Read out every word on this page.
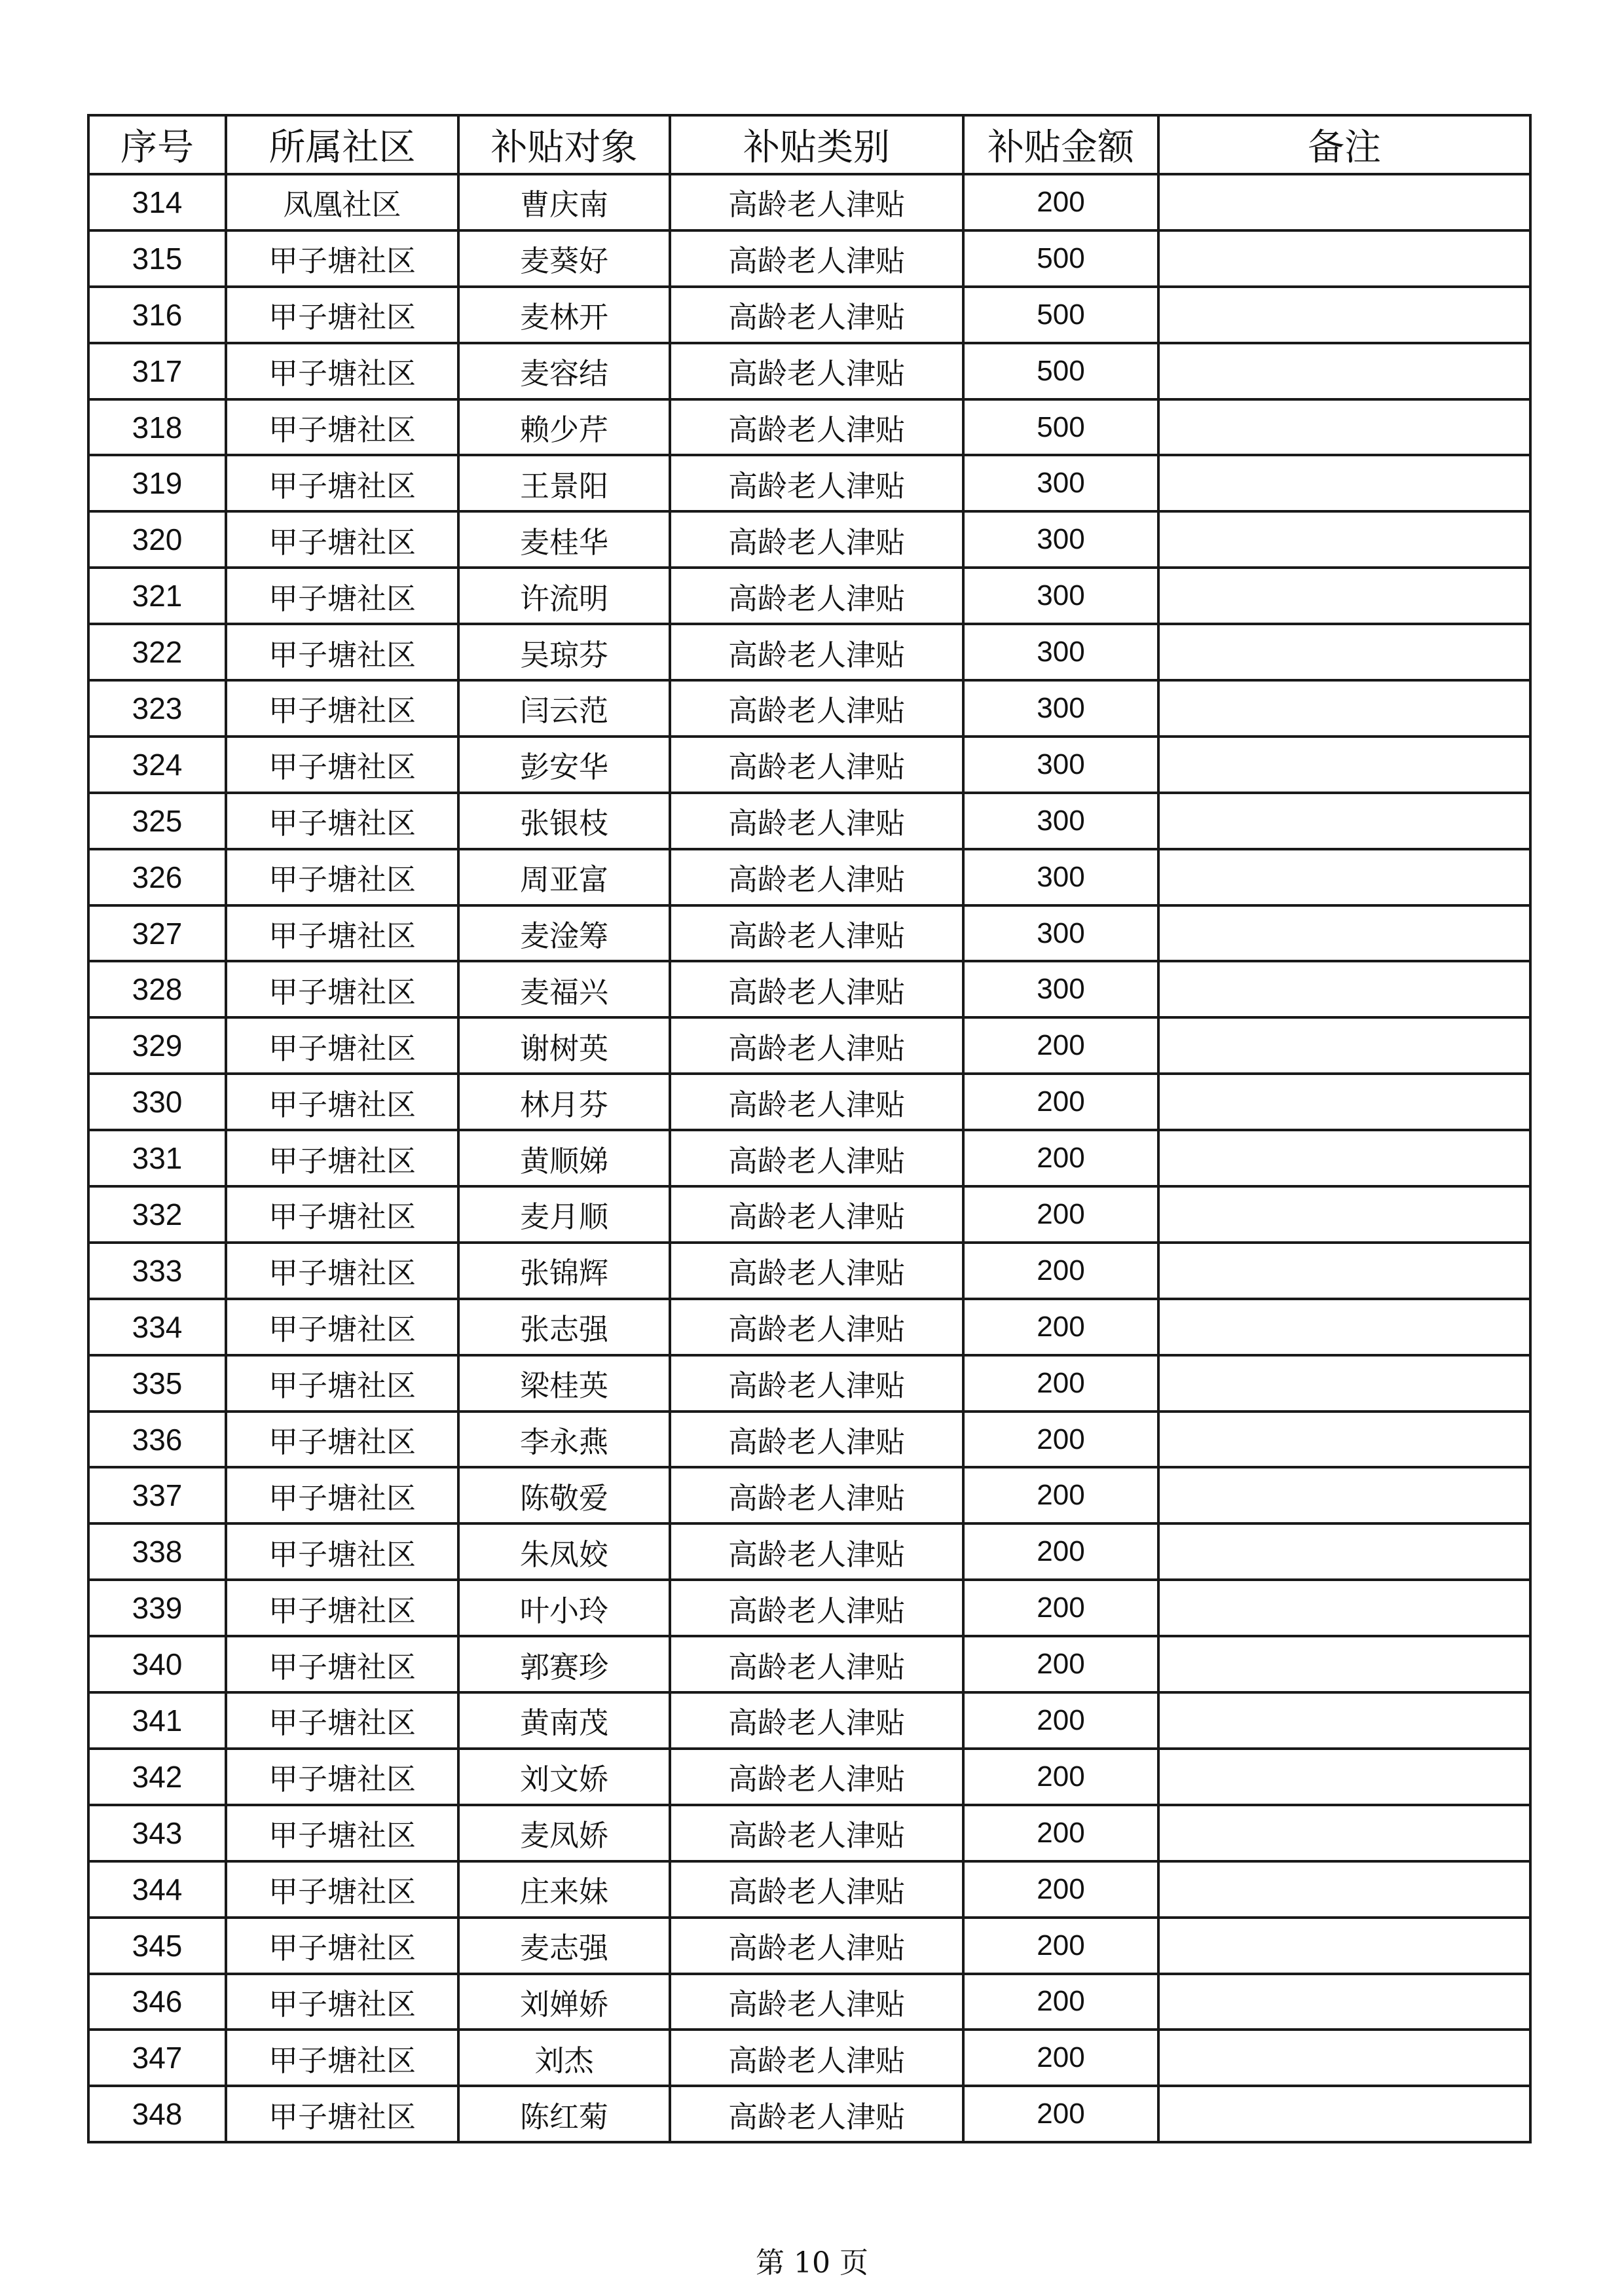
序号	所属社区	补贴对象	补贴类别	补贴金额	备注
314	凤凰社区	曹庆南	高龄老人津贴	200	
315	甲子塘社区	麦葵好	高龄老人津贴	500	
316	甲子塘社区	麦林开	高龄老人津贴	500	
317	甲子塘社区	麦容结	高龄老人津贴	500	
318	甲子塘社区	赖少芹	高龄老人津贴	500	
319	甲子塘社区	王景阳	高龄老人津贴	300	
320	甲子塘社区	麦桂华	高龄老人津贴	300	
321	甲子塘社区	许流明	高龄老人津贴	300	
322	甲子塘社区	吴琼芬	高龄老人津贴	300	
323	甲子塘社区	闫云范	高龄老人津贴	300	
324	甲子塘社区	彭安华	高龄老人津贴	300	
325	甲子塘社区	张银枝	高龄老人津贴	300	
326	甲子塘社区	周亚富	高龄老人津贴	300	
327	甲子塘社区	麦淦筹	高龄老人津贴	300	
328	甲子塘社区	麦福兴	高龄老人津贴	300	
329	甲子塘社区	谢树英	高龄老人津贴	200	
330	甲子塘社区	林月芬	高龄老人津贴	200	
331	甲子塘社区	黄顺娣	高龄老人津贴	200	
332	甲子塘社区	麦月顺	高龄老人津贴	200	
333	甲子塘社区	张锦辉	高龄老人津贴	200	
334	甲子塘社区	张志强	高龄老人津贴	200	
335	甲子塘社区	梁桂英	高龄老人津贴	200	
336	甲子塘社区	李永燕	高龄老人津贴	200	
337	甲子塘社区	陈敬爱	高龄老人津贴	200	
338	甲子塘社区	朱凤姣	高龄老人津贴	200	
339	甲子塘社区	叶小玲	高龄老人津贴	200	
340	甲子塘社区	郭赛珍	高龄老人津贴	200	
341	甲子塘社区	黄南茂	高龄老人津贴	200	
342	甲子塘社区	刘文娇	高龄老人津贴	200	
343	甲子塘社区	麦凤娇	高龄老人津贴	200	
344	甲子塘社区	庄来妹	高龄老人津贴	200	
345	甲子塘社区	麦志强	高龄老人津贴	200	
346	甲子塘社区	刘婵娇	高龄老人津贴	200	
347	甲子塘社区	刘杰	高龄老人津贴	200	
348	甲子塘社区	陈红菊	高龄老人津贴	200	
第 10 页
